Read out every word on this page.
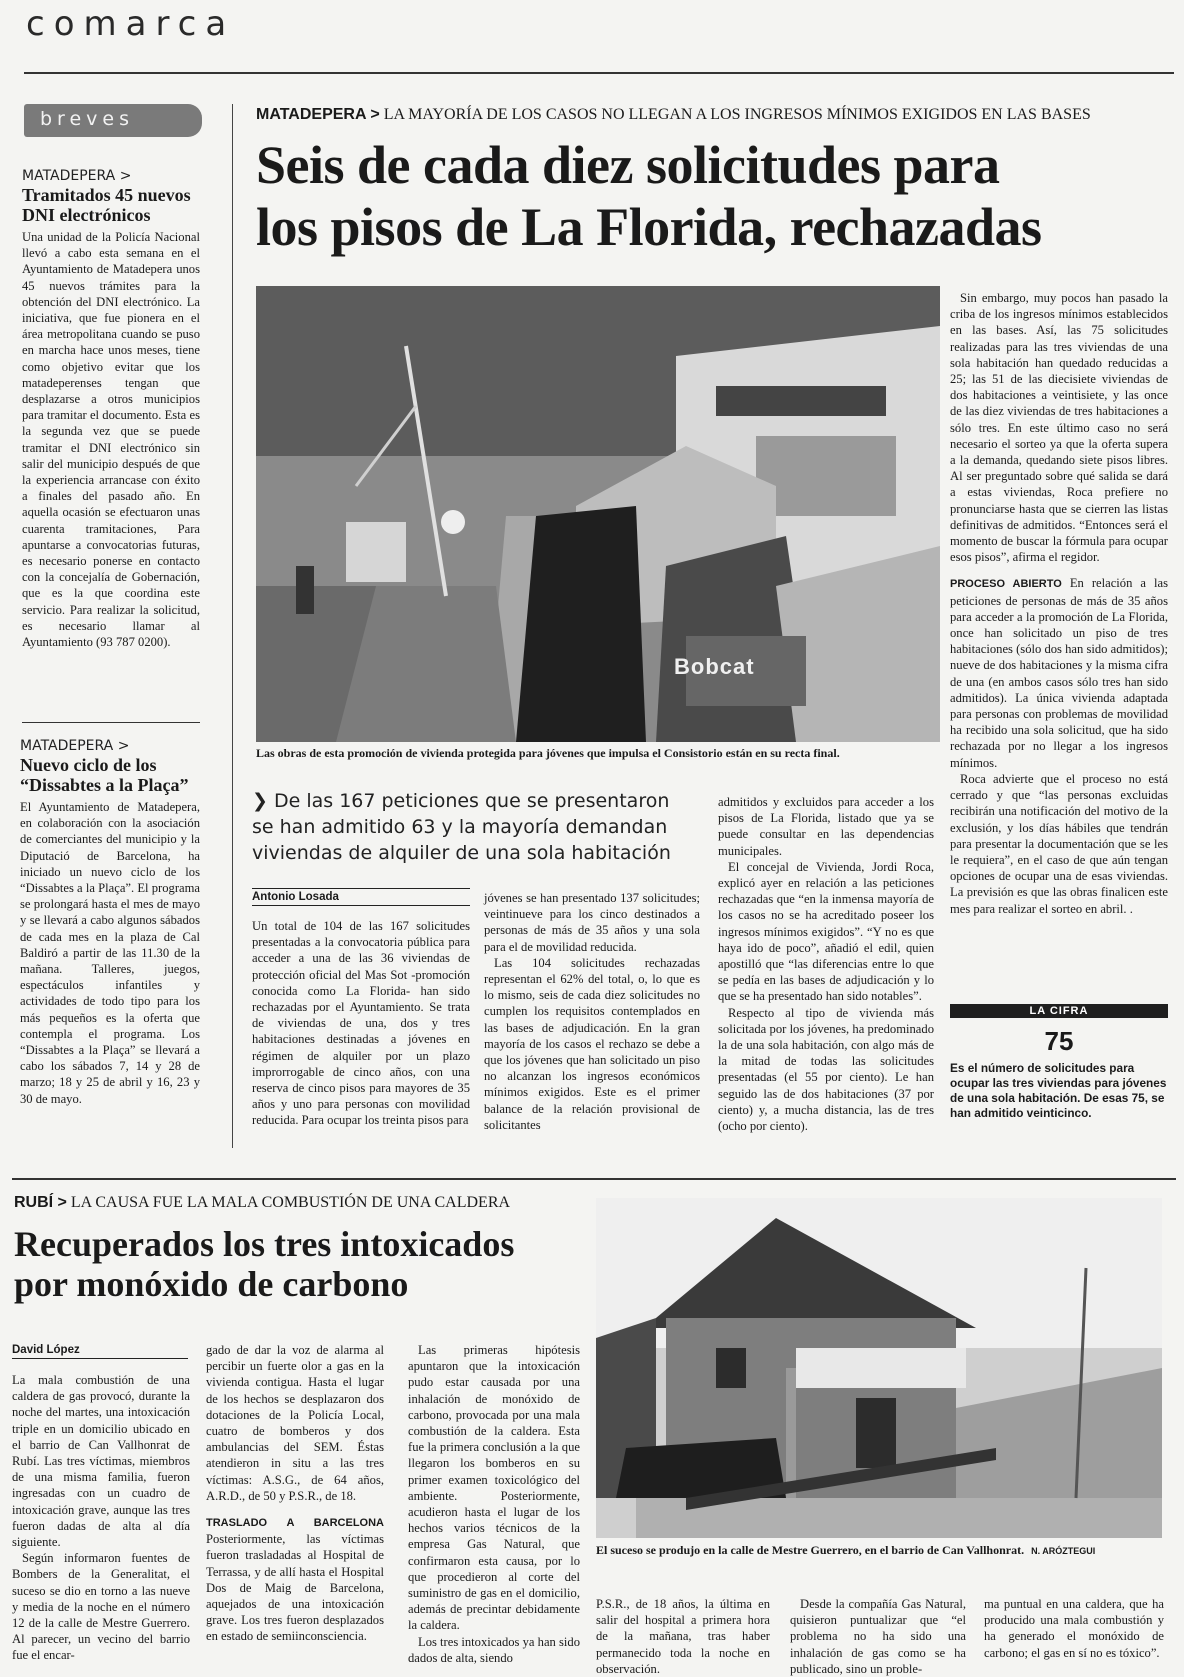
comarca
breves
MATADEPERA >
Tramitados 45 nuevos DNI electrónicos
Una unidad de la Policía Nacional llevó a cabo esta semana en el Ayuntamiento de Matadepera unos 45 nuevos trámites para la obtención del DNI electrónico. La iniciativa, que fue pionera en el área metropolitana cuando se puso en marcha hace unos meses, tiene como objetivo evitar que los matadeperenses tengan que desplazarse a otros municipios para tramitar el documento. Esta es la segunda vez que se puede tramitar el DNI electrónico sin salir del municipio después de que la experiencia arrancase con éxito a finales del pasado año. En aquella ocasión se efectuaron unas cuarenta tramitaciones, Para apuntarse a convocatorias futuras, es necesario ponerse en contacto con la concejalía de Gobernación, que es la que coordina este servicio. Para realizar la solicitud, es necesario llamar al Ayuntamiento (93 787 0200).
MATADEPERA >
Nuevo ciclo de los “Dissabtes a la Plaça”
El Ayuntamiento de Matadepera, en colaboración con la asociación de comerciantes del municipio y la Diputació de Barcelona, ha iniciado un nuevo ciclo de los “Dissabtes a la Plaça”. El programa se prolongará hasta el mes de mayo y se llevará a cabo algunos sábados de cada mes en la plaza de Cal Baldiró a partir de las 11.30 de la mañana. Talleres, juegos, espectáculos infantiles y actividades de todo tipo para los más pequeños es la oferta que contempla el programa. Los “Dissabtes a la Plaça” se llevará a cabo los sábados 7, 14 y 28 de marzo; 18 y 25 de abril y 16, 23 y 30 de mayo.
MATADEPERA > LA MAYORÍA DE LOS CASOS NO LLEGAN A LOS INGRESOS MÍNIMOS EXIGIDOS EN LAS BASES
Seis de cada diez solicitudes para
los pisos de La Florida, rechazadas
Bobcat
Las obras de esta promoción de vivienda protegida para jóvenes que impulsa el Consistorio están en su recta final.
❯ De las 167 peticiones que se presentaron se han admitido 63 y la mayoría demandan viviendas de alquiler de una sola habitación
Antonio Losada

Un total de 104 de las 167 solicitudes presentadas a la convocatoria pública para acceder a una de las 36 viviendas de protección oficial del Mas Sot -promoción conocida como La Florida- han sido rechazadas por el Ayuntamiento. Se trata de viviendas de una, dos y tres habitaciones destinadas a jóvenes en régimen de alquiler por un plazo improrrogable de cinco años, con una reserva de cinco pisos para mayores de 35 años y uno para personas con movilidad reducida. Para ocupar los treinta pisos para

jóvenes se han presentado 137 solicitudes; veintinueve para los cinco destinados a personas de más de 35 años y una sola para el de movilidad reducida.

Las 104 solicitudes rechazadas representan el 62% del total, o, lo que es lo mismo, seis de cada diez solicitudes no cumplen los requisitos contemplados en las bases de adjudicación. En la gran mayoría de los casos el rechazo se debe a que los jóvenes que han solicitado un piso no alcanzan los ingresos económicos mínimos exigidos. Este es el primer balance de la relación provisional de solicitantes

admitidos y excluidos para acceder a los pisos de La Florida, listado que ya se puede consultar en las dependencias municipales.

El concejal de Vivienda, Jordi Roca, explicó ayer en relación a las peticiones rechazadas que “en la inmensa mayoría de los casos no se ha acreditado poseer los ingresos mínimos exigidos”. “Y no es que haya ido de poco”, añadió el edil, quien apostilló que “las diferencias entre lo que se pedía en las bases de adjudicación y lo que se ha presentado han sido notables”.

Respecto al tipo de vivienda más solicitada por los jóvenes, ha predominado la de una sola habitación, con algo más de la mitad de todas las solicitudes presentadas (el 55 por ciento). Le han seguido las de dos habitaciones (37 por ciento) y, a mucha distancia, las de tres (ocho por ciento).

Sin embargo, muy pocos han pasado la criba de los ingresos mínimos establecidos en las bases. Así, las 75 solicitudes realizadas para las tres viviendas de una sola habitación han quedado reducidas a 25; las 51 de las diecisiete viviendas de dos habitaciones a veintisiete, y las once de las diez viviendas de tres habitaciones a sólo tres. En este último caso no será necesario el sorteo ya que la oferta supera a la demanda, quedando siete pisos libres. Al ser preguntado sobre qué salida se dará a estas viviendas, Roca prefiere no pronunciarse hasta que se cierren las listas definitivas de admitidos. “Entonces será el momento de buscar la fórmula para ocupar esos pisos”, afirma el regidor.

PROCESO ABIERTO En relación a las peticiones de personas de más de 35 años para acceder a la promoción de La Florida, once han solicitado un piso de tres habitaciones (sólo dos han sido admitidos); nueve de dos habitaciones y la misma cifra de una (en ambos casos sólo tres han sido admitidos). La única vivienda adaptada para personas con problemas de movilidad ha recibido una sola solicitud, que ha sido rechazada por no llegar a los ingresos mínimos.

Roca advierte que el proceso no está cerrado y que “las personas excluidas recibirán una notificación del motivo de la exclusión, y los días hábiles que tendrán para presentar la documentación que se les le requiera”, en el caso de que aún tengan opciones de ocupar una de esas viviendas. La previsión es que las obras finalicen este mes para realizar el sorteo en abril. .

LA CIFRA
75
Es el número de solicitudes para ocupar las tres viviendas para jóvenes de una sola habitación. De esas 75, se han admitido veinticinco.
RUBÍ > LA CAUSA FUE LA MALA COMBUSTIÓN DE UNA CALDERA
Recuperados los tres intoxicados
por monóxido de carbono
David López

La mala combustión de una caldera de gas provocó, durante la noche del martes, una intoxicación triple en un domicilio ubicado en el barrio de Can Vallhonrat de Rubí. Las tres víctimas, miembros de una misma familia, fueron ingresadas con un cuadro de intoxicación grave, aunque las tres fueron dadas de alta al día siguiente.

Según informaron fuentes de Bombers de la Generalitat, el suceso se dio en torno a las nueve y media de la noche en el número 12 de la calle de Mestre Guerrero. Al parecer, un vecino del barrio fue el encar-

gado de dar la voz de alarma al percibir un fuerte olor a gas en la vivienda contigua. Hasta el lugar de los hechos se desplazaron dos dotaciones de la Policía Local, cuatro de bomberos y dos ambulancias del SEM. Éstas atendieron in situ a las tres víctimas: A.S.G., de 64 años, A.R.D., de 50 y P.S.R., de 18.

TRASLADO A BARCELONA Posteriormente, las víctimas fueron trasladadas al Hospital de Terrassa, y de allí hasta el Hospital Dos de Maig de Barcelona, aquejados de una intoxicación grave. Los tres fueron desplazados en estado de semiinconsciencia.

Las primeras hipótesis apuntaron que la intoxicación pudo estar causada por una inhalación de monóxido de carbono, provocada por una mala combustión de la caldera. Esta fue la primera conclusión a la que llegaron los bomberos en su primer examen toxicológico del ambiente. Posteriormente, acudieron hasta el lugar de los hechos varios técnicos de la empresa Gas Natural, que confirmaron esta causa, por lo que procedieron al corte del suministro de gas en el domicilio, además de precintar debidamente la caldera.

Los tres intoxicados ya han sido dados de alta, siendo

El suceso se produjo en la calle de Mestre Guerrero, en el barrio de Can Vallhonrat. N. ARÓZTEGUI

P.S.R., de 18 años, la última en salir del hospital a primera hora de la mañana, tras haber permanecido toda la noche en observación.

Desde la compañía Gas Natural, quisieron puntualizar que “el problema no ha sido una inhalación de gas como se ha publicado, sino un proble-

ma puntual en una caldera, que ha producido una mala combustión y ha generado el monóxido de carbono; el gas en sí no es tóxico”.
